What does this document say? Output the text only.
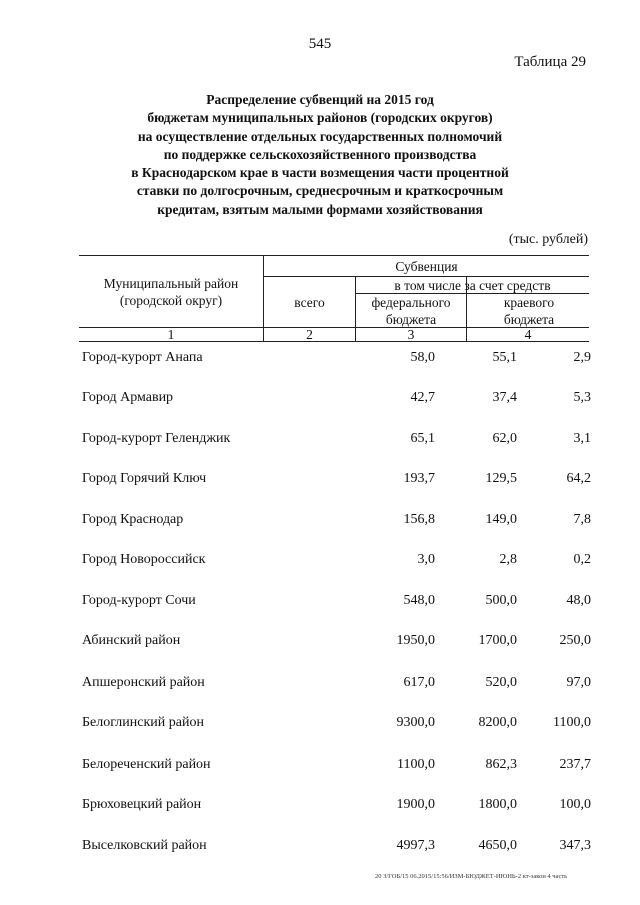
545
Таблица 29
Распределение субвенций на 2015 год
бюджетам муниципальных районов (городских округов)
на осуществление отдельных государственных полномочий
по поддержке сельскохозяйственного производства
в Краснодарском крае в части возмещения части процентной
ставки по долгосрочным, среднесрочным и краткосрочным
кредитам, взятым малыми формами хозяйствования
(тыс. рублей)
Муниципальный район (городской округ)
Субвенция
в том числе за счет средств
всего	федерального бюджета
краевого бюджета
1	2	3	4
Город-курорт Анапа	58,0	55,1	2,9
Город Армавир	42,7	37,4	5,3
Город-курорт Геленджик	65,1	62,0	3,1
Город Горячий Ключ	193,7	129,5	64,2
Город Краснодар	156,8	149,0	7,8
Город Новороссийск	3,0	2,8	0,2
Город-курорт Сочи	548,0	500,0	48,0
Абинский район	1950,0	1700,0	250,0
Апшеронский район	617,0	520,0	97,0
Белоглинский район	9300,0	8200,0	1100,0
Белореченский район	1100,0	862,3	237,7
Брюховецкий район	1900,0	1800,0	100,0
Выселковский район	4997,3	4650,0	347,3
20 З/ГОБ/15 06.2015/15:56/ИЗМ-БЮДЖЕТ-ИЮНЬ-2 кт-закон 4 часть
